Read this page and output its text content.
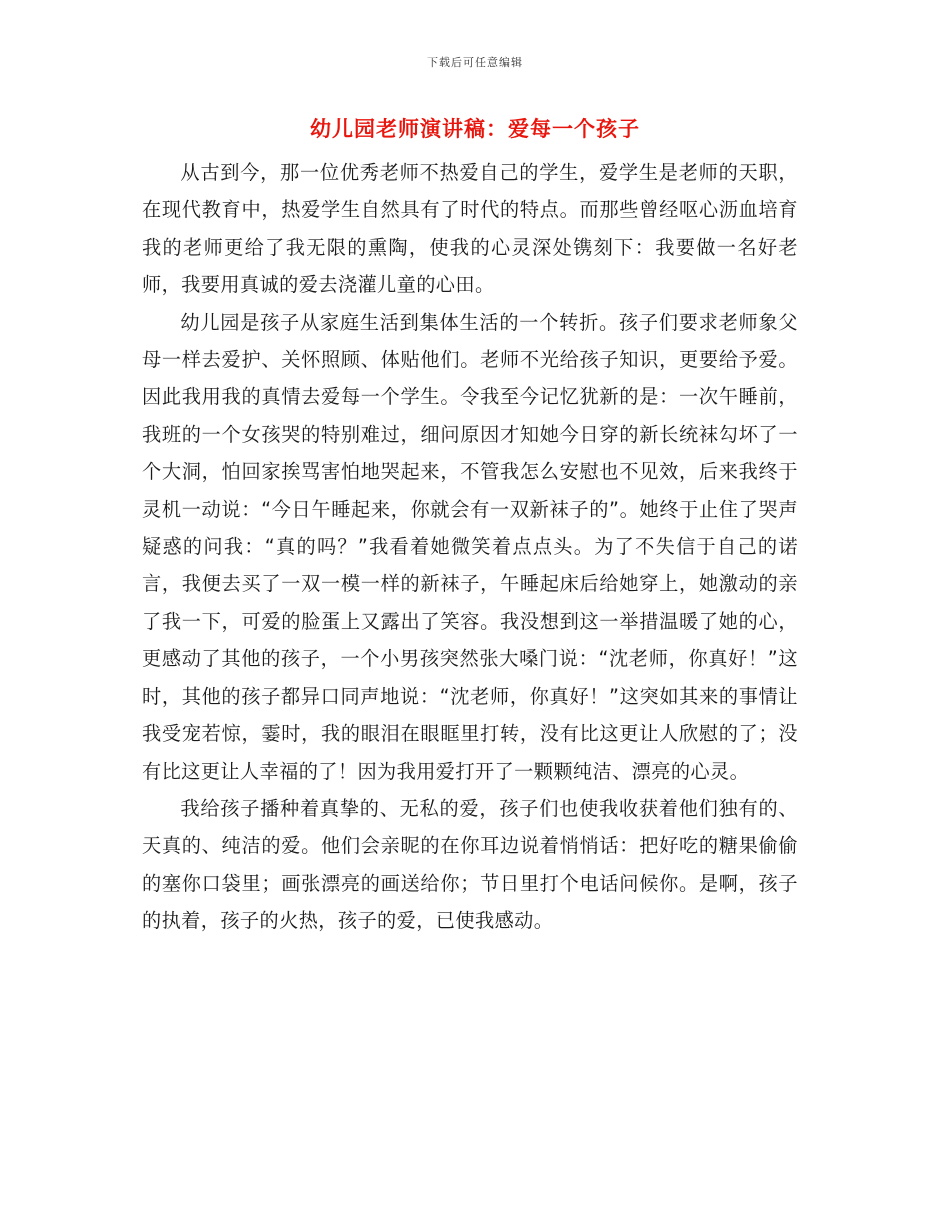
下载后可任意编辑
幼儿园老师演讲稿：爱每一个孩子

从古到今，那一位优秀老师不热爱自己的学生，爱学生是老师的天职，在现代教育中，热爱学生自然具有了时代的特点。而那些曾经呕心沥血培育我的老师更给了我无限的熏陶，使我的心灵深处镌刻下：我要做一名好老师，我要用真诚的爱去浇灌儿童的心田。

幼儿园是孩子从家庭生活到集体生活的一个转折。孩子们要求老师象父母一样去爱护、关怀照顾、体贴他们。老师不光给孩子知识，更要给予爱。因此我用我的真情去爱每一个学生。令我至今记忆犹新的是：一次午睡前，我班的一个女孩哭的特别难过，细问原因才知她今日穿的新长统袜勾坏了一个大洞，怕回家挨骂害怕地哭起来，不管我怎么安慰也不见效，后来我终于灵机一动说：“今日午睡起来，你就会有一双新袜子的”。她终于止住了哭声疑惑的问我：“真的吗？”我看着她微笑着点点头。为了不失信于自己的诺言，我便去买了一双一模一样的新袜子，午睡起床后给她穿上，她激动的亲了我一下，可爱的脸蛋上又露出了笑容。我没想到这一举措温暖了她的心，更感动了其他的孩子，一个小男孩突然张大嗓门说：“沈老师，你真好！”这时，其他的孩子都异口同声地说：“沈老师，你真好！”这突如其来的事情让我受宠若惊，霎时，我的眼泪在眼眶里打转，没有比这更让人欣慰的了；没有比这更让人幸福的了！因为我用爱打开了一颗颗纯洁、漂亮的心灵。

我给孩子播种着真挚的、无私的爱，孩子们也使我收获着他们独有的、天真的、纯洁的爱。他们会亲昵的在你耳边说着悄悄话：把好吃的糖果偷偷的塞你口袋里；画张漂亮的画送给你；节日里打个电话问候你。是啊，孩子的执着，孩子的火热，孩子的爱，已使我感动。
